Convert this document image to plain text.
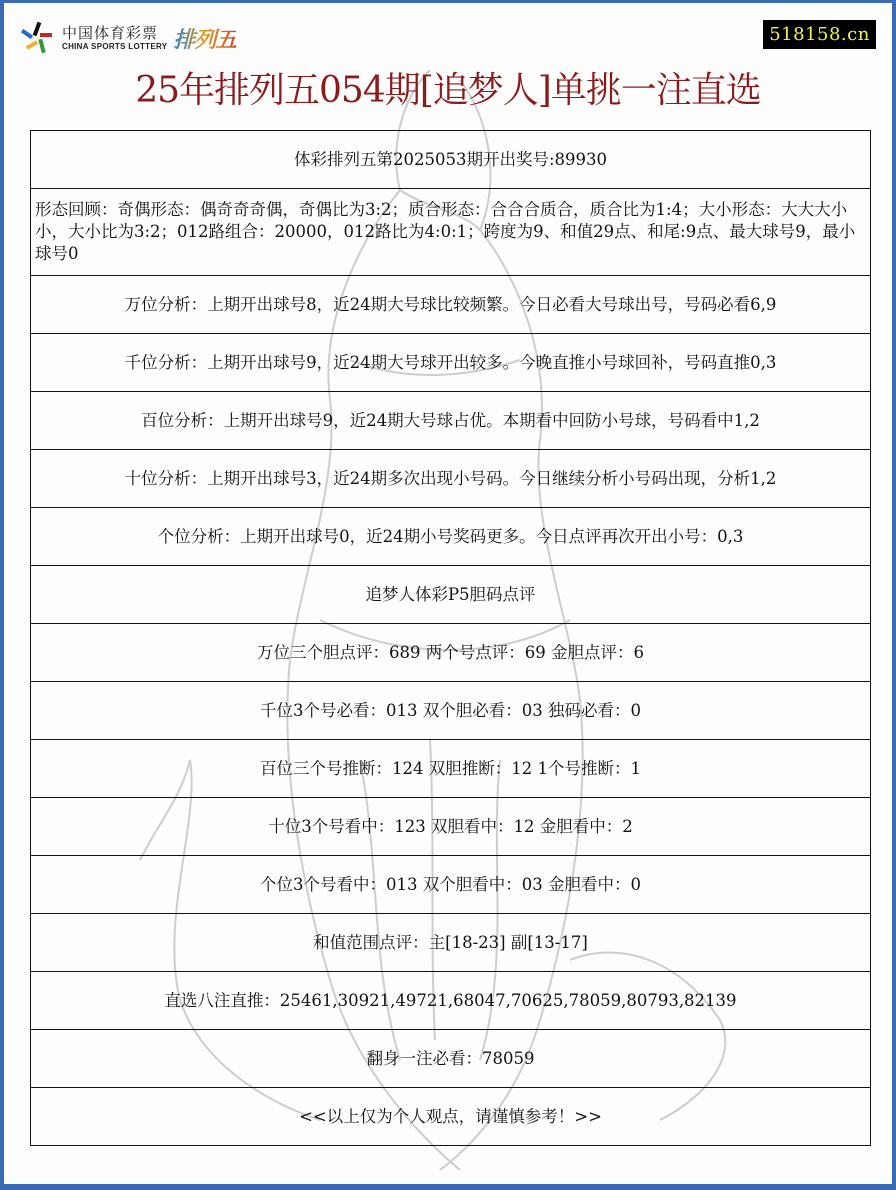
中国体育彩票
CHINA SPORTS LOTTERY 排列五	518158.cn
25年排列五054期[追梦人]单挑一注直选
体彩排列五第2025053期开出奖号:89930
形态回顾：奇偶形态：偶奇奇奇偶，奇偶比为3:2；质合形态：合合合质合，质合比为1:4；大小形态：大大大小小，大小比为3:2；012路组合：20000，012路比为4:0:1；跨度为9、和值29点、和尾:9点、最大球号9，最小球号0
万位分析：上期开出球号8，近24期大号球比较频繁。今日必看大号球出号，号码必看6,9
千位分析：上期开出球号9，近24期大号球开出较多。今晚直推小号球回补，号码直推0,3
百位分析：上期开出球号9，近24期大号球占优。本期看中回防小号球，号码看中1,2
十位分析：上期开出球号3，近24期多次出现小号码。今日继续分析小号码出现，分析1,2
个位分析：上期开出球号0，近24期小号奖码更多。今日点评再次开出小号：0,3
追梦人体彩P5胆码点评
万位三个胆点评：689 两个号点评：69 金胆点评：6
千位3个号必看：013 双个胆必看：03 独码必看：0
百位三个号推断：124 双胆推断：12 1个号推断：1
十位3个号看中：123 双胆看中：12 金胆看中：2
个位3个号看中：013 双个胆看中：03 金胆看中：0
和值范围点评：主[18-23] 副[13-17]
直选八注直推：25461,30921,49721,68047,70625,78059,80793,82139
翻身一注必看：78059
<<以上仅为个人观点，请谨慎参考！>>
